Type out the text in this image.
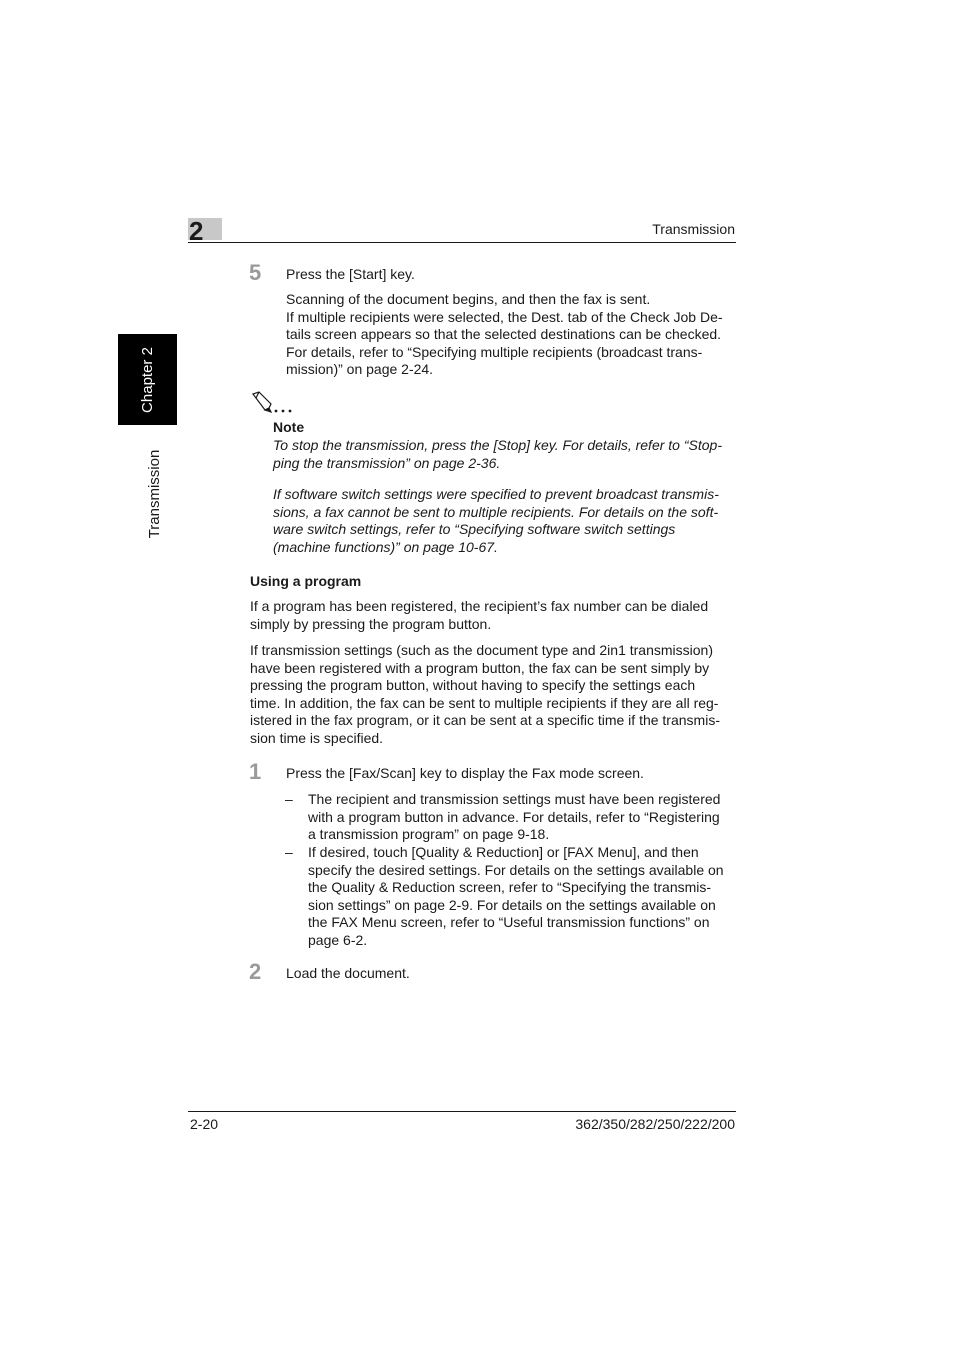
2	Transmission
Chapter 2
Transmission
5 Press the [Start] key.
Scanning of the document begins, and then the fax is sent.
If multiple recipients were selected, the Dest. tab of the Check Job De-
tails screen appears so that the selected destinations can be checked.
For details, refer to “Specifying multiple recipients (broadcast trans-
mission)” on page 2-24.
Note
To stop the transmission, press the [Stop] key. For details, refer to “Stop-
ping the transmission” on page 2-36.
If software switch settings were specified to prevent broadcast transmis-
sions, a fax cannot be sent to multiple recipients. For details on the soft-
ware switch settings, refer to “Specifying software switch settings
(machine functions)” on page 10-67.
Using a program
If a program has been registered, the recipient’s fax number can be dialed
simply by pressing the program button.
If transmission settings (such as the document type and 2in1 transmission)
have been registered with a program button, the fax can be sent simply by
pressing the program button, without having to specify the settings each
time. In addition, the fax can be sent to multiple recipients if they are all reg-
istered in the fax program, or it can be sent at a specific time if the transmis-
sion time is specified.
1 Press the [Fax/Scan] key to display the Fax mode screen.
– The recipient and transmission settings must have been registered
with a program button in advance. For details, refer to “Registering
a transmission program” on page 9-18.
– If desired, touch [Quality & Reduction] or [FAX Menu], and then
specify the desired settings. For details on the settings available on
the Quality & Reduction screen, refer to “Specifying the transmis-
sion settings” on page 2-9. For details on the settings available on
the FAX Menu screen, refer to “Useful transmission functions” on
page 6-2.
2 Load the document.
2-20	362/350/282/250/222/200
